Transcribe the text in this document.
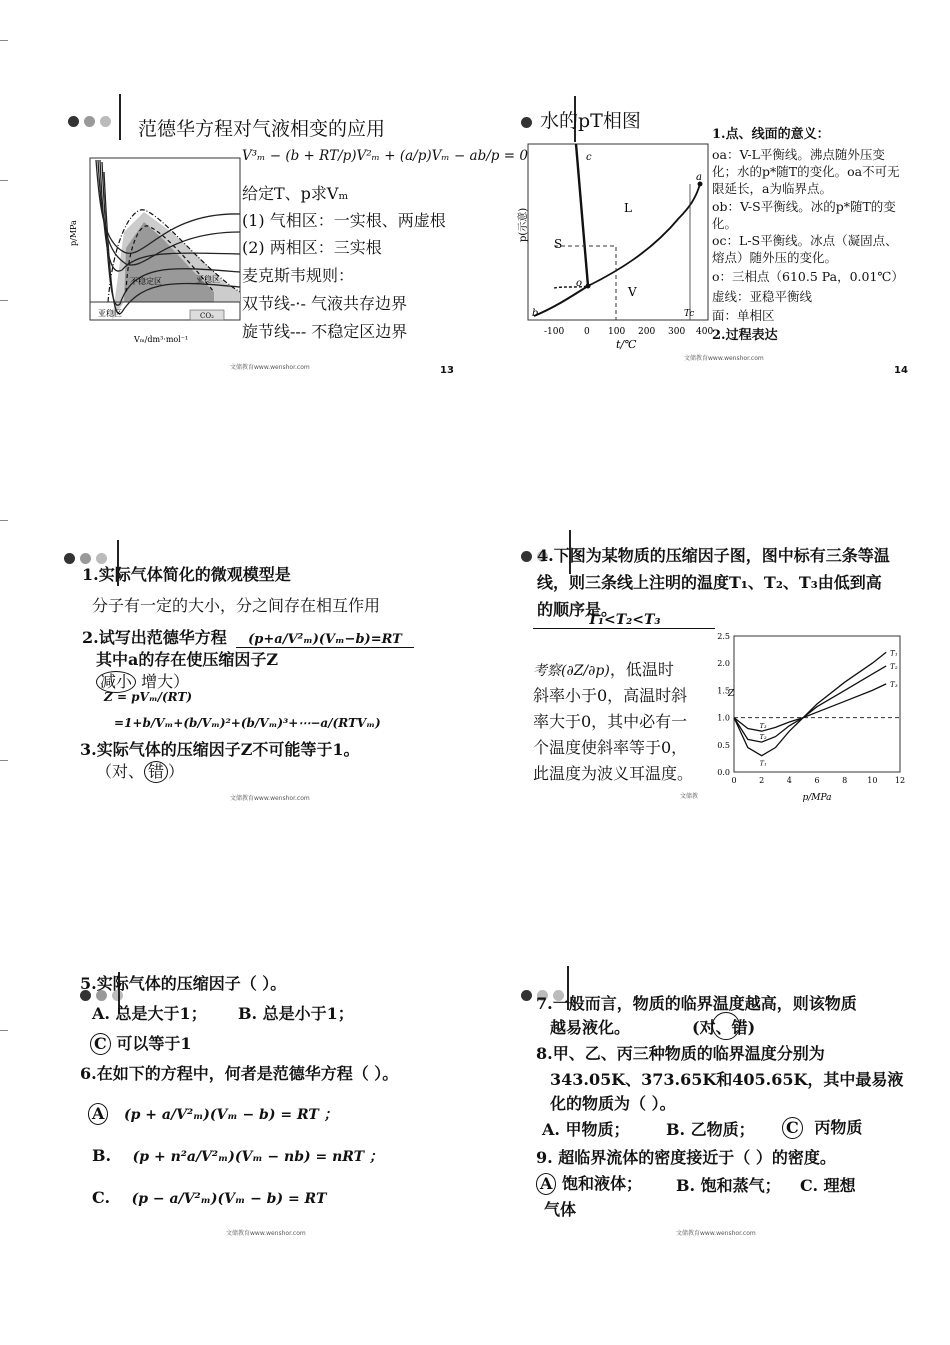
范德华方程对气液相变的应用
不稳定区	亚稳区
亚稳区	CO₂
p/MPa
Vₘ/dm³·mol⁻¹
V³ₘ − (b + RT/p)V²ₘ + (a/p)Vₘ − ab/p = 0
给定T、p求Vₘ
(1) 气相区：一实根、两虚根
(2) 两相区：三实根
麦克斯韦规则：
双节线-·- 气液共存边界
旋节线--- 不稳定区边界
文储教育www.wenshor.com	13
水的pT相图
c
a
b
o
L
S
V
Tc
-100 0 100 200 300 400
p(示意)
t/℃
1.点、线面的意义：
oa：V-L平衡线。沸点随外压变化；水的p*随T的变化。oa不可无限延长，a为临界点。
ob：V-S平衡线。冰的p*随T的变化。
oc：L-S平衡线。冰点（凝固点、熔点）随外压的变化。
o：三相点（610.5 Pa，0.01℃）
虚线：亚稳平衡线
面：单相区
2.过程表达
文储教育www.wenshor.com
14
1.实际气体简化的微观模型是
分子有一定的大小，分之间存在相互作用
2.试写出范德华方程	(p+a/V²ₘ)(Vₘ−b)=RT
其中a的存在使压缩因子Z
减小 增大）
Z = pVₘ/(RT)
=1+b/Vₘ+(b/Vₘ)²+(b/Vₘ)³+⋯−a/(RTVₘ)
3.实际气体的压缩因子Z不可能等于1。
（对、 错 ）
文储教育www.wenshor.com
4.下图为某物质的压缩因子图，图中标有三条等温线，则三条线上注明的温度T₁、T₂、T₃由低到高的顺序是。
T₁<T₂<T₃
考察(∂Z/∂p)，低温时
斜率小于0，高温时斜
率大于0，其中必有一
个温度使斜率等于0，
此温度为波义耳温度。	0.0
0.5
1.0
1.5
2.0
2.5
0	2	4	6	8	10 12
T₁
T₁
T₂
T₂
T₃
T₃
p/MPa
Z
文储教
5.实际气体的压缩因子（ ）。
A. 总是大于1； B. 总是小于1；
C 可以等于1
6.在如下的方程中，何者是范德华方程（ ）。
A (p + a/V²ₘ)(Vₘ − b) = RT ；
B. (p + n²a/V²ₘ)(Vₘ − nb) = nRT ；
C. (p − a/V²ₘ)(Vₘ − b) = RT
文储教育www.wenshor.com
7.一般而言，物质的临界温度越高，则该物质
越易液化。	(对、错)
8.甲、乙、丙三种物质的临界温度分别为
343.05K、373.65K和405.65K，其中最易液
化的物质为（ ）。
A. 甲物质； B. 乙物质； C 丙物质
9. 超临界流体的密度接近于（ ）的密度。
A 饱和液体； B. 饱和蒸气； C. 理想
气体
文储教育www.wenshor.com
